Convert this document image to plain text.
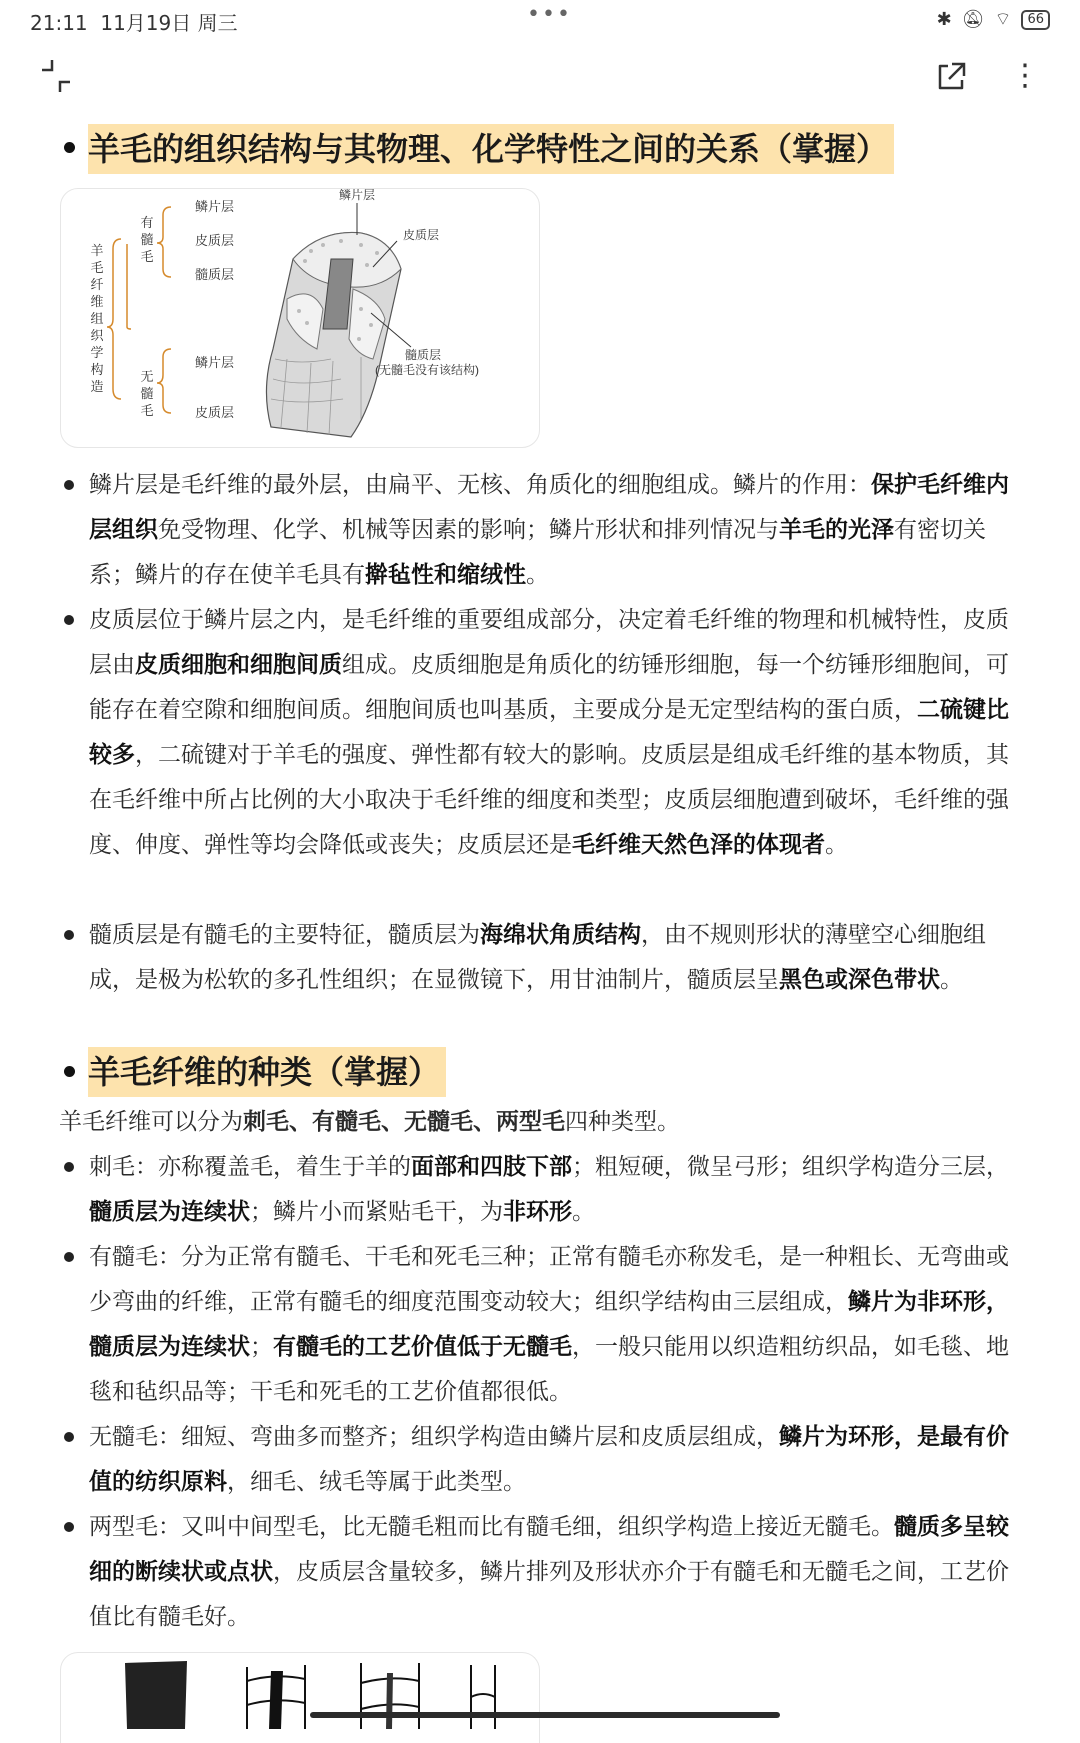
21:11 11月19日 周三	•••	✱ 🔕︎ ⌔	66
⋮
羊毛的组织结构与其物理、化学特性之间的关系（掌握）
羊
毛
纤
维
组
织
学
构
造
有
髓
毛
无
髓
毛
鳞片层
皮质层
髓质层
鳞片层
皮质层
鳞片层
皮质层
髓质层
(无髓毛没有该结构)
鳞片层是毛纤维的最外层，由扁平、无核、角质化的细胞组成。鳞片的作用：保护毛纤维内层组织免受物理、化学、机械等因素的影响；鳞片形状和排列情况与羊毛的光泽有密切关系；鳞片的存在使羊毛具有擀毡性和缩绒性。
皮质层位于鳞片层之内，是毛纤维的重要组成部分，决定着毛纤维的物理和机械特性，皮质层由皮质细胞和细胞间质组成。皮质细胞是角质化的纺锤形细胞，每一个纺锤形细胞间，可能存在着空隙和细胞间质。细胞间质也叫基质，主要成分是无定型结构的蛋白质，二硫键比较多，二硫键对于羊毛的强度、弹性都有较大的影响。皮质层是组成毛纤维的基本物质，其在毛纤维中所占比例的大小取决于毛纤维的细度和类型；皮质层细胞遭到破坏，毛纤维的强度、伸度、弹性等均会降低或丧失；皮质层还是毛纤维天然色泽的体现者。
髓质层是有髓毛的主要特征，髓质层为海绵状角质结构，由不规则形状的薄壁空心细胞组成，是极为松软的多孔性组织；在显微镜下，用甘油制片，髓质层呈黑色或深色带状。
羊毛纤维的种类（掌握）
羊毛纤维可以分为刺毛、有髓毛、无髓毛、两型毛四种类型。
刺毛：亦称覆盖毛，着生于羊的面部和四肢下部；粗短硬，微呈弓形；组织学构造分三层，髓质层为连续状；鳞片小而紧贴毛干，为非环形。
有髓毛：分为正常有髓毛、干毛和死毛三种；正常有髓毛亦称发毛，是一种粗长、无弯曲或少弯曲的纤维，正常有髓毛的细度范围变动较大；组织学结构由三层组成，鳞片为非环形，髓质层为连续状；有髓毛的工艺价值低于无髓毛，一般只能用以织造粗纺织品，如毛毯、地毯和毡织品等；干毛和死毛的工艺价值都很低。
无髓毛：细短、弯曲多而整齐；组织学构造由鳞片层和皮质层组成，鳞片为环形，是最有价值的纺织原料，细毛、绒毛等属于此类型。
两型毛：又叫中间型毛，比无髓毛粗而比有髓毛细，组织学构造上接近无髓毛。髓质多呈较细的断续状或点状，皮质层含量较多，鳞片排列及形状亦介于有髓毛和无髓毛之间，工艺价值比有髓毛好。
